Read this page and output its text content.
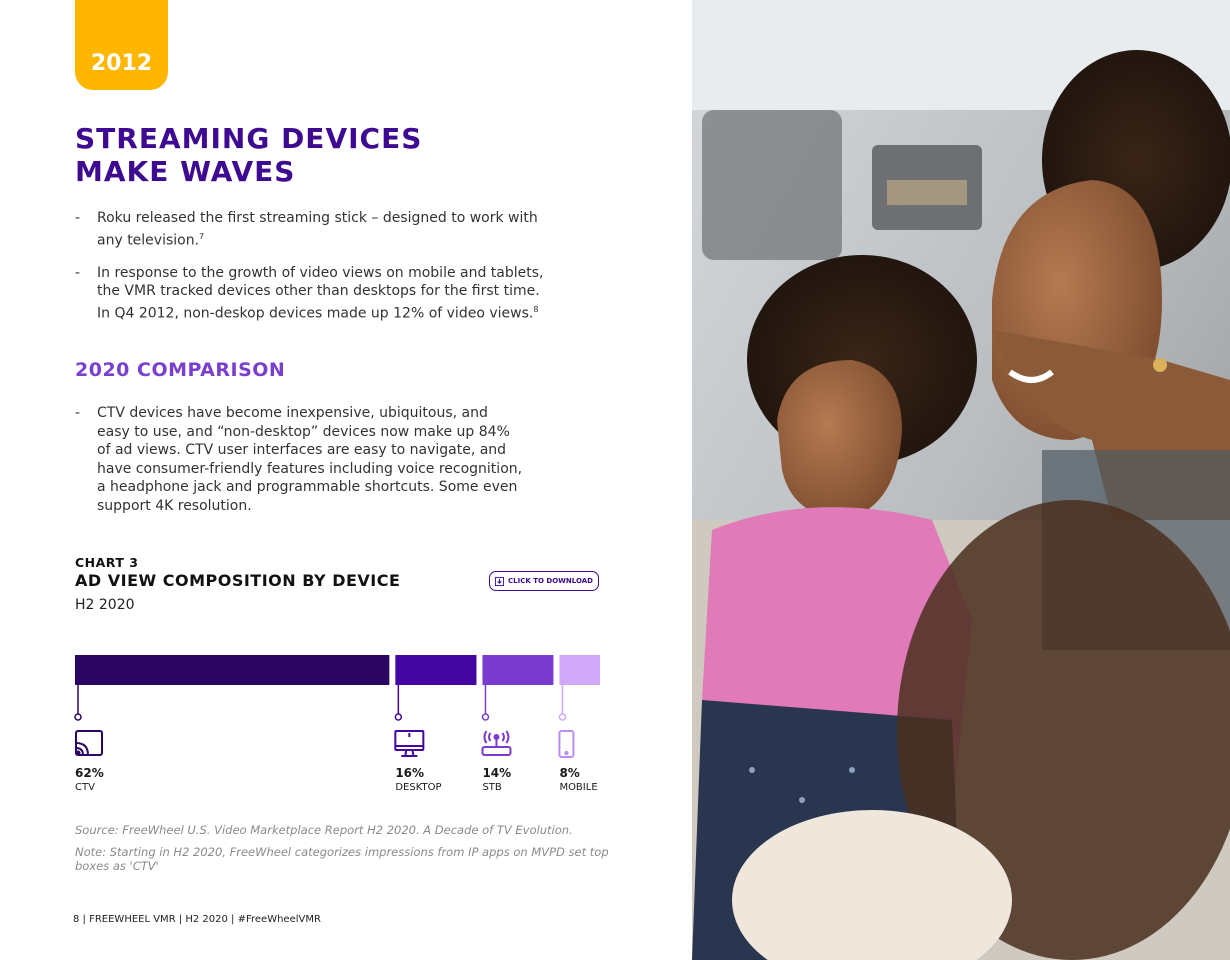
2012
STREAMING DEVICES
MAKE WAVES
- Roku released the first streaming stick – designed to work with any television.$^7$
- In response to the growth of video views on mobile and tablets, the VMR tracked devices other than desktops for the first time. In Q4 2012, non-deskop devices made up 12% of video views.$^8$
2020 COMPARISON
- CTV devices have become inexpensive, ubiquitous, and easy to use, and “non-desktop” devices now make up 84% of ad views. CTV user interfaces are easy to navigate, and have consumer-friendly features including voice recognition, a headphone jack and programmable shortcuts. Some even support 4K resolution.
CHART 3
AD VIEW COMPOSITION BY DEVICE
H2 2020
CLICK TO DOWNLOAD
62%
CTV
16%
DESKTOP
14%
STB
8%
MOBILE

Source: FreeWheel U.S. Video Marketplace Report H2 2020. A Decade of TV Evolution.

Note: Starting in H2 2020, FreeWheel categorizes impressions from IP apps on MVPD set top boxes as 'CTV'

8 | FREEWHEEL VMR | H2 2020 | #FreeWheelVMR
